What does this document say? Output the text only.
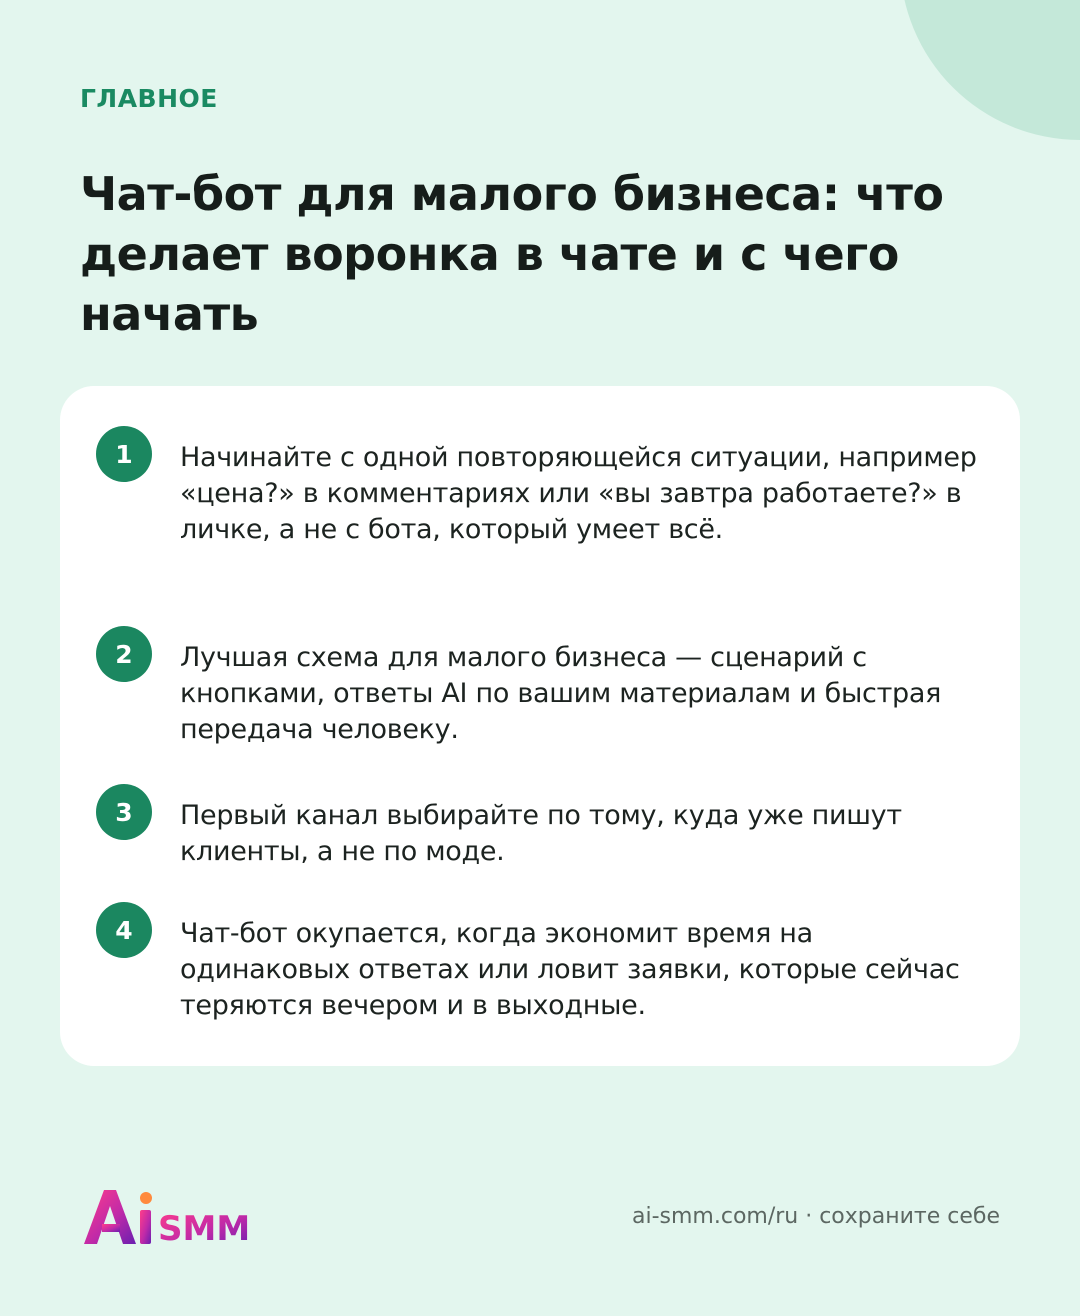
ГЛАВНОЕ
Чат-бот для малого бизнеса: что делает воронка в чате и с чего начать
1	Начинайте с одной повторяющейся ситуации, например «цена?» в комментариях или «вы завтра работаете?» в личке, а не с бота, который умеет всё.
2	Лучшая схема для малого бизнеса — сценарий с кнопками, ответы AI по вашим материалам и быстрая передача человеку.
3	Первый канал выбирайте по тому, куда уже пишут клиенты, а не по моде.
4	Чат-бот окупается, когда экономит время на одинаковых ответах или ловит заявки, которые сейчас теряются вечером и в выходные.
SMM	ai-smm.com/ru · сохраните себе
